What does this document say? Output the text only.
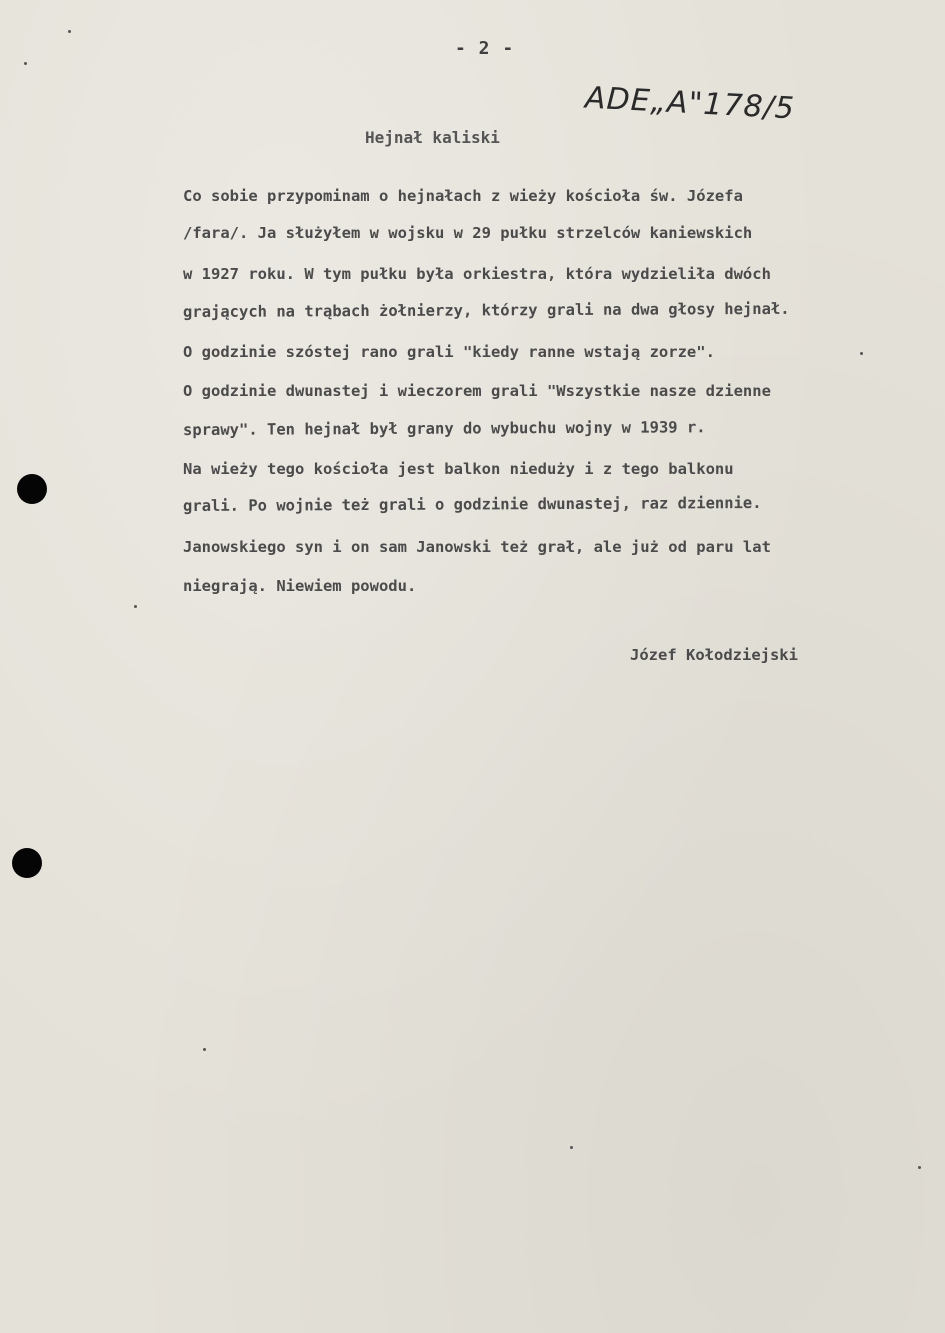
- 2 -
ADE„A"178/5
Hejnał kaliski
Co sobie przypominam o hejnałach z wieży kościoła św. Józefa
/fara/. Ja służyłem w wojsku w 29 pułku strzelców kaniewskich
w 1927 roku. W tym pułku była orkiestra, która wydzieliła dwóch
grających na trąbach żołnierzy, którzy grali na dwa głosy hejnał.
O godzinie szóstej rano grali "kiedy ranne wstają zorze".
O godzinie dwunastej i wieczorem grali "Wszystkie nasze dzienne
sprawy". Ten hejnał był grany do wybuchu wojny w 1939 r.
Na wieży tego kościoła jest balkon nieduży i z tego balkonu
grali. Po wojnie też grali o godzinie dwunastej, raz dziennie.
Janowskiego syn i on sam Janowski też grał, ale już od paru lat
niegrają. Niewiem powodu.
Józef Kołodziejski
